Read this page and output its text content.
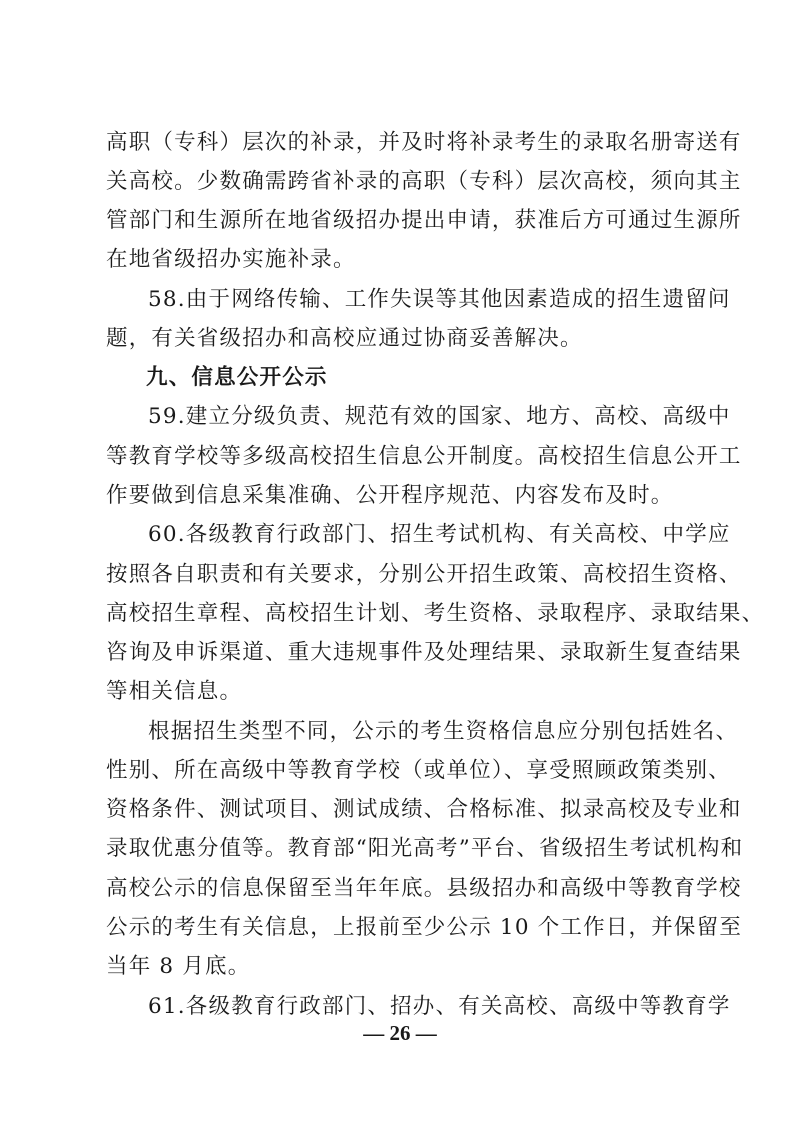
高职（专科）层次的补录，并及时将补录考生的录取名册寄送有
关高校。少数确需跨省补录的高职（专科）层次高校，须向其主
管部门和生源所在地省级招办提出申请，获准后方可通过生源所
在地省级招办实施补录。
58.由于网络传输、工作失误等其他因素造成的招生遗留问
题，有关省级招办和高校应通过协商妥善解决。
九、信息公开公示
59.建立分级负责、规范有效的国家、地方、高校、高级中
等教育学校等多级高校招生信息公开制度。高校招生信息公开工
作要做到信息采集准确、公开程序规范、内容发布及时。
60.各级教育行政部门、招生考试机构、有关高校、中学应
按照各自职责和有关要求，分别公开招生政策、高校招生资格、
高校招生章程、高校招生计划、考生资格、录取程序、录取结果、
咨询及申诉渠道、重大违规事件及处理结果、录取新生复查结果
等相关信息。
根据招生类型不同，公示的考生资格信息应分别包括姓名、
性别、所在高级中等教育学校（或单位）、享受照顾政策类别、
资格条件、测试项目、测试成绩、合格标准、拟录高校及专业和
录取优惠分值等。教育部“阳光高考”平台、省级招生考试机构和
高校公示的信息保留至当年年底。县级招办和高级中等教育学校
公示的考生有关信息，上报前至少公示 10 个工作日，并保留至
当年 8 月底。
61.各级教育行政部门、招办、有关高校、高级中等教育学
— 26 —
